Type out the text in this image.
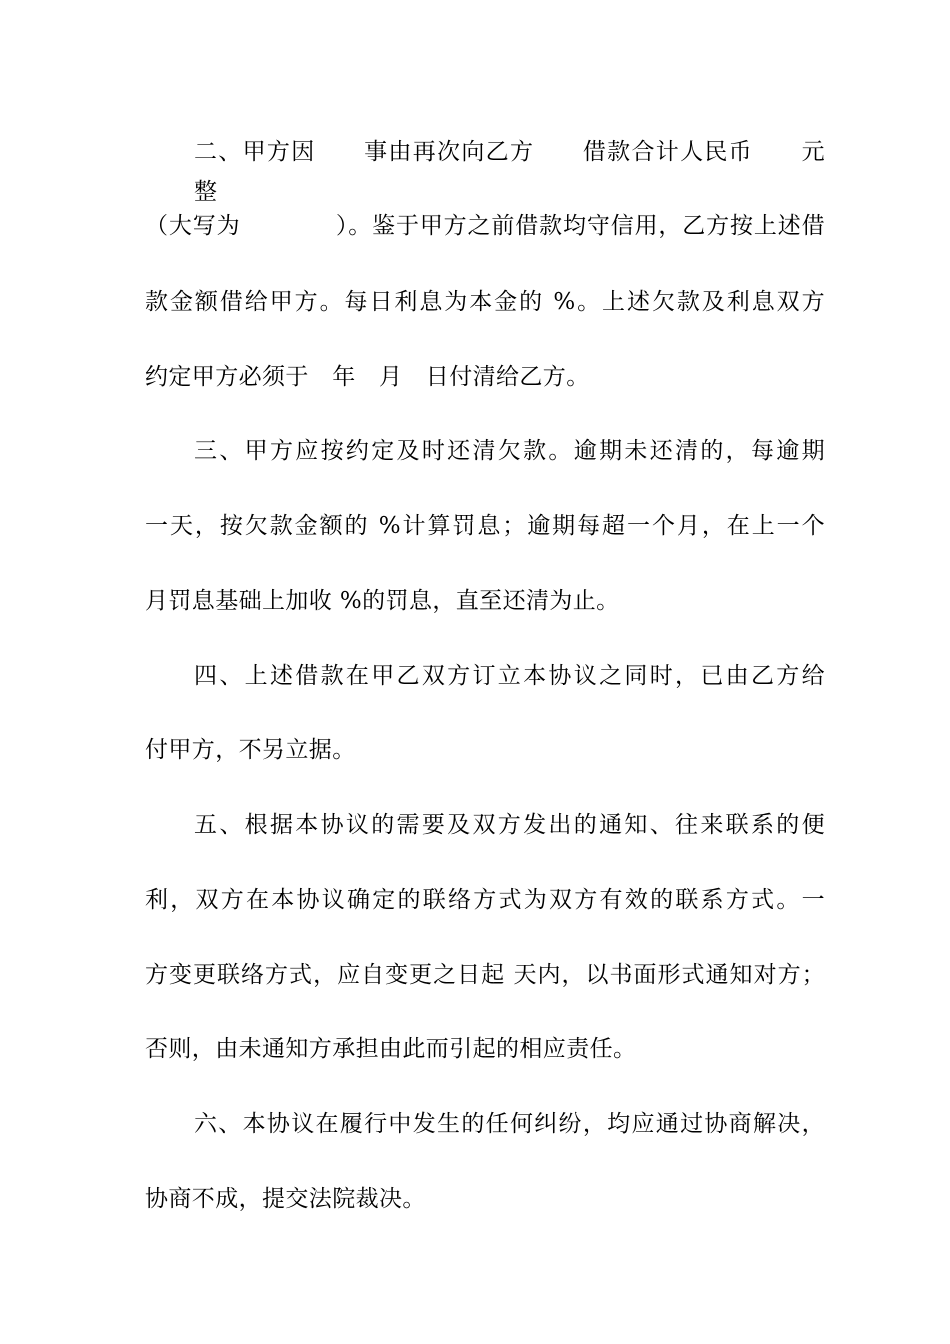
二、甲方因　　事由再次向乙方　　借款合计人民币　　元整
（大写为　　　　）。鉴于甲方之前借款均守信用，乙方按上述借
款金额借给甲方。每日利息为本金的 %。上述欠款及利息双方
约定甲方必须于　年　月　日付清给乙方。
三、甲方应按约定及时还清欠款。逾期未还清的，每逾期
一天，按欠款金额的 %计算罚息；逾期每超一个月，在上一个
月罚息基础上加收 %的罚息，直至还清为止。
四、上述借款在甲乙双方订立本协议之同时，已由乙方给
付甲方，不另立据。
五、根据本协议的需要及双方发出的通知、往来联系的便
利，双方在本协议确定的联络方式为双方有效的联系方式。一
方变更联络方式，应自变更之日起 天内，以书面形式通知对方；
否则，由未通知方承担由此而引起的相应责任。
六、本协议在履行中发生的任何纠纷，均应通过协商解决，
协商不成，提交法院裁决。
